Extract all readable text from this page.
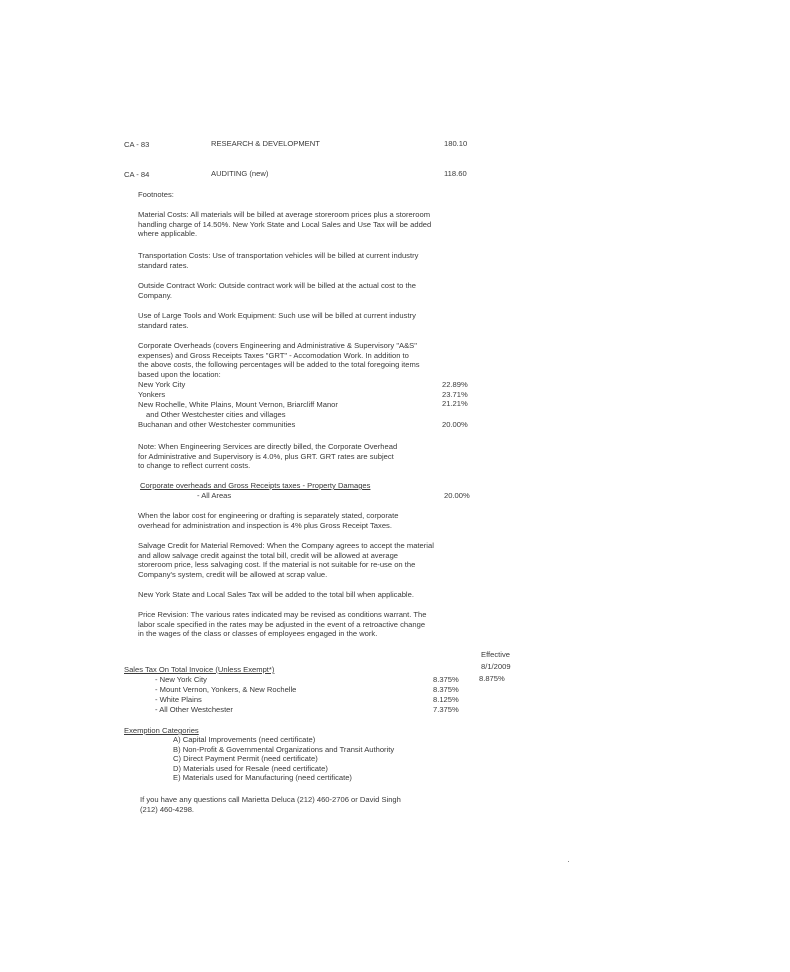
CA - 83	RESEARCH & DEVELOPMENT	180.10
CA - 84	AUDITING (new)	118.60
Footnotes:
Material Costs: All materials will be billed at average storeroom prices plus a storeroom
handling charge of 14.50%. New York State and Local Sales and Use Tax will be added
where applicable.
Transportation Costs: Use of transportation vehicles will be billed at current industry
standard rates.
Outside Contract Work: Outside contract work will be billed at the actual cost to the
Company.
Use of Large Tools and Work Equipment: Such use will be billed at current industry
standard rates.
Corporate Overheads (covers Engineering and Administrative & Supervisory "A&S"
expenses) and Gross Receipts Taxes "GRT" - Accomodation Work. In addition to
the above costs, the following percentages will be added to the total foregoing items
based upon the location:
New York City	22.89%
Yonkers	23.71%
New Rochelle, White Plains, Mount Vernon, Briarcliff Manor	21.21%
and Other Westchester cities and villages
Buchanan and other Westchester communities	20.00%
Note: When Engineering Services are directly billed, the Corporate Overhead
for Administrative and Supervisory is 4.0%, plus GRT. GRT rates are subject
to change to reflect current costs.
Corporate overheads and Gross Receipts taxes - Property Damages
- All Areas	20.00%
When the labor cost for engineering or drafting is separately stated, corporate
overhead for administration and inspection is 4% plus Gross Receipt Taxes.
Salvage Credit for Material Removed: When the Company agrees to accept the material
and allow salvage credit against the total bill, credit will be allowed at average
storeroom price, less salvaging cost. If the material is not suitable for re-use on the
Company's system, credit will be allowed at scrap value.
New York State and Local Sales Tax will be added to the total bill when applicable.
Price Revision: The various rates indicated may be revised as conditions warrant. The
labor scale specified in the rates may be adjusted in the event of a retroactive change
in the wages of the class or classes of employees engaged in the work.
Effective
8/1/2009
Sales Tax On Total Invoice (Unless Exempt*)
- New York City	8.375%	8.875%
- Mount Vernon, Yonkers, & New Rochelle	8.375%
- White Plains	8.125%
- All Other Westchester	7.375%
Exemption Categories
A) Capital Improvements (need certificate)
B) Non-Profit & Governmental Organizations and Transit Authority
C) Direct Payment Permit (need certificate)
D) Materials used for Resale (need certificate)
E) Materials used for Manufacturing (need certificate)
If you have any questions call Marietta Deluca (212) 460-2706 or David Singh
(212) 460-4298.
